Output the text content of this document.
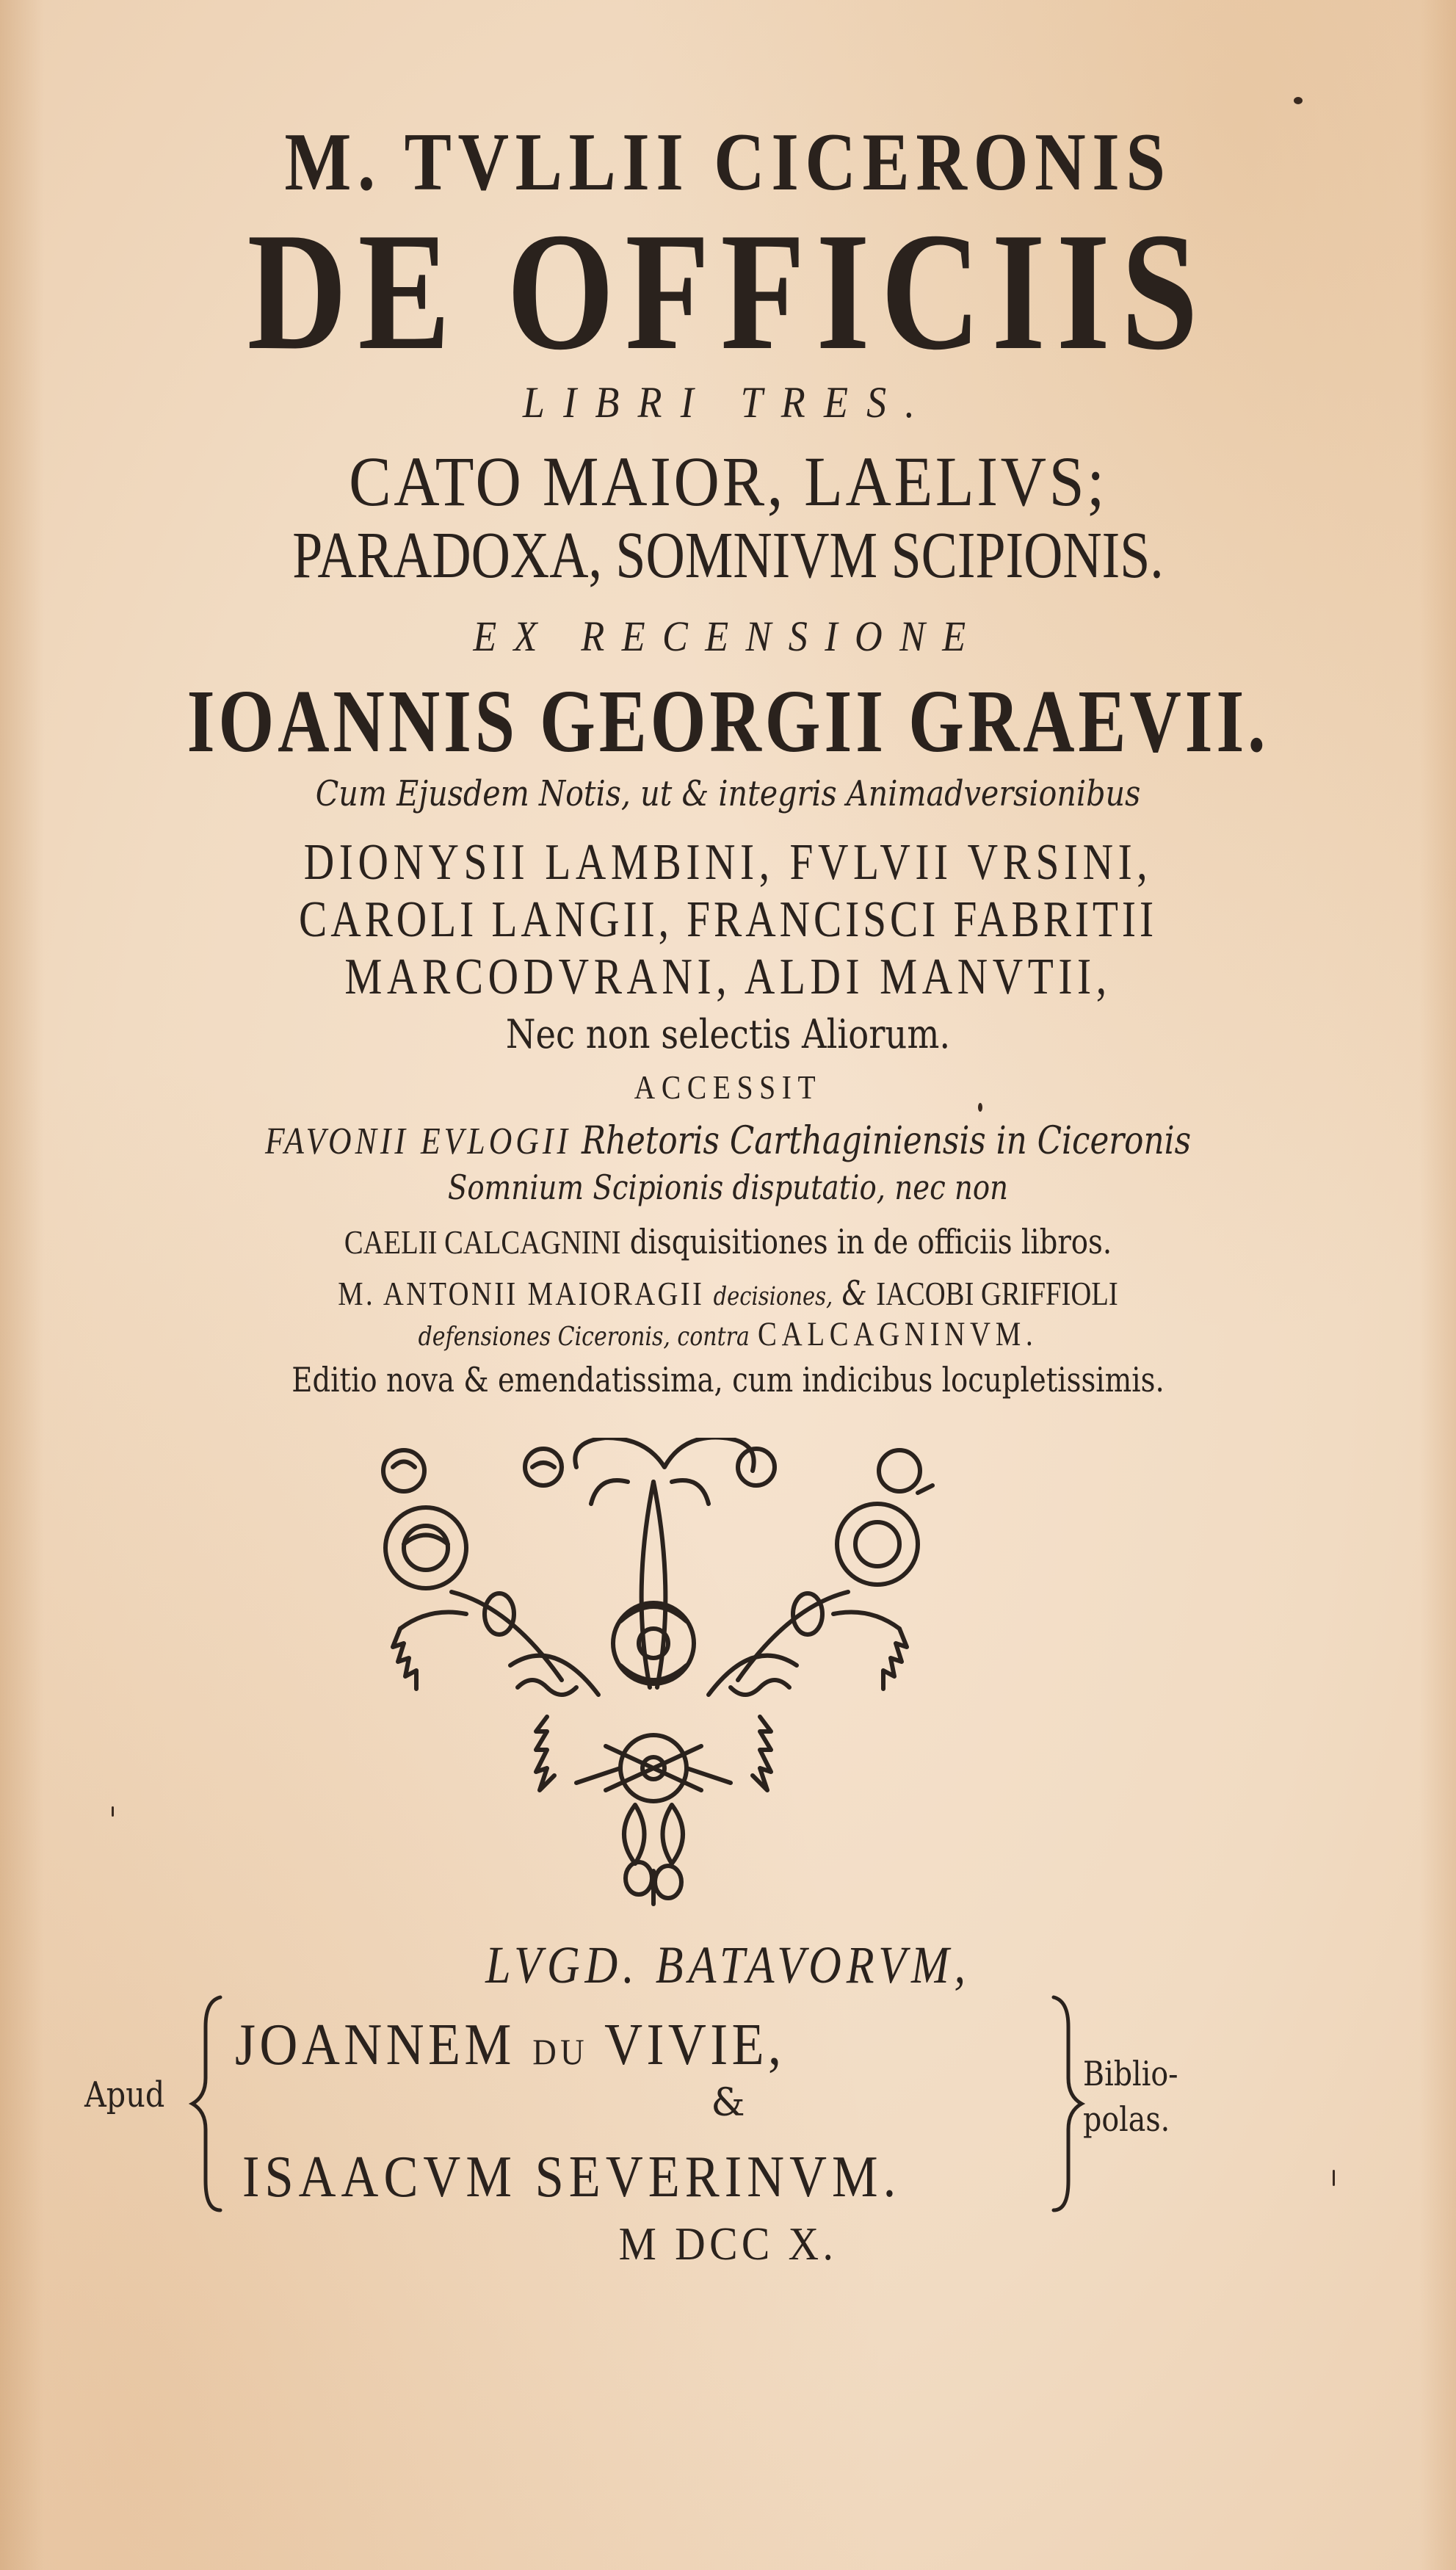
M. TVLLII CICERONIS
DE OFFICIIS
LIBRI TRES.
CATO MAIOR, LAELIVS;
PARADOXA, SOMNIVM SCIPIONIS.
EX RECENSIONE
IOANNIS GEORGII GRAEVII.
Cum Ejusdem Notis, ut & integris Animadversionibus
DIONYSII LAMBINI, FVLVII VRSINI,
CAROLI LANGII, FRANCISCI FABRITII
MARCODVRANI, ALDI MANVTII,
Nec non selectis Aliorum.
ACCESSIT
FAVONII EVLOGII Rhetoris Carthaginiensis in Ciceronis
Somnium Scipionis disputatio, nec non
CAELII CALCAGNINI disquisitiones in de officiis libros.
M. ANTONII MAIORAGII decisiones, & IACOBI GRIFFIOLI
defensiones Ciceronis, contra CALCAGNINVM.
Editio nova & emendatissima, cum indicibus locupletissimis.
LVGD. BATAVORVM,
Apud
JOANNEM DU VIVIE,
&
ISAACVM SEVERINVM.
Biblio-
polas.
M DCC X.
